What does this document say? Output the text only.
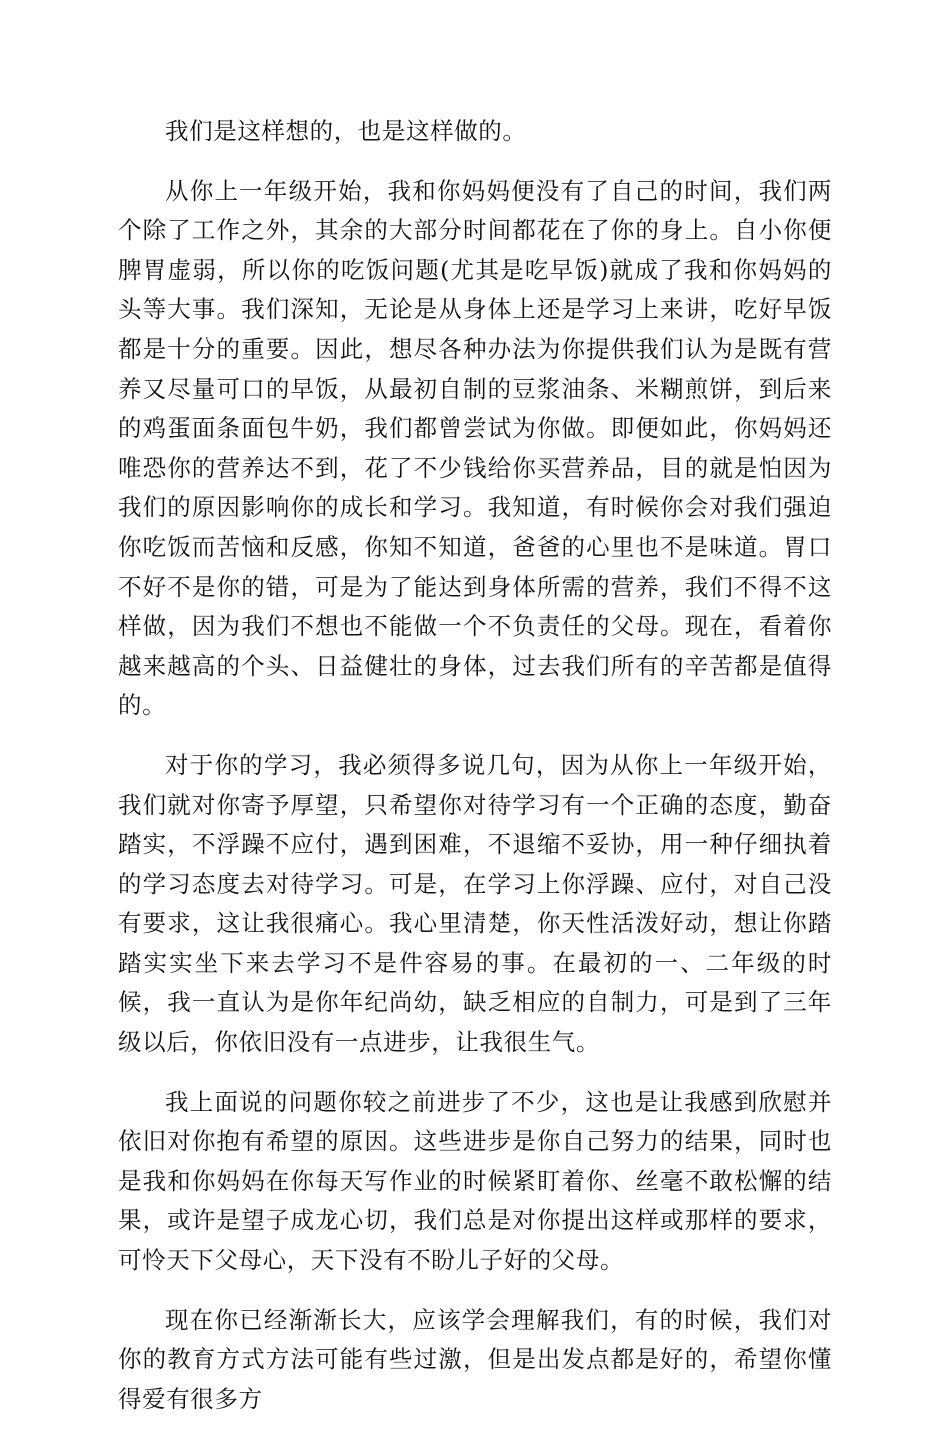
我们是这样想的，也是这样做的。

从你上一年级开始，我和你妈妈便没有了自己的时间，我们两个除了工作之外，其余的大部分时间都花在了你的身上。自小你便脾胃虚弱，所以你的吃饭问题(尤其是吃早饭)就成了我和你妈妈的头等大事。我们深知，无论是从身体上还是学习上来讲，吃好早饭都是十分的重要。因此，想尽各种办法为你提供我们认为是既有营养又尽量可口的早饭，从最初自制的豆浆油条、米糊煎饼，到后来的鸡蛋面条面包牛奶，我们都曾尝试为你做。即便如此，你妈妈还唯恐你的营养达不到，花了不少钱给你买营养品，目的就是怕因为我们的原因影响你的成长和学习。我知道，有时候你会对我们强迫你吃饭而苦恼和反感，你知不知道，爸爸的心里也不是味道。胃口不好不是你的错，可是为了能达到身体所需的营养，我们不得不这样做，因为我们不想也不能做一个不负责任的父母。现在，看着你越来越高的个头、日益健壮的身体，过去我们所有的辛苦都是值得的。

对于你的学习，我必须得多说几句，因为从你上一年级开始，我们就对你寄予厚望，只希望你对待学习有一个正确的态度，勤奋踏实，不浮躁不应付，遇到困难，不退缩不妥协，用一种仔细执着的学习态度去对待学习。可是，在学习上你浮躁、应付，对自己没有要求，这让我很痛心。我心里清楚，你天性活泼好动，想让你踏踏实实坐下来去学习不是件容易的事。在最初的一、二年级的时候，我一直认为是你年纪尚幼，缺乏相应的自制力，可是到了三年级以后，你依旧没有一点进步，让我很生气。

我上面说的问题你较之前进步了不少，这也是让我感到欣慰并依旧对你抱有希望的原因。这些进步是你自己努力的结果，同时也是我和你妈妈在你每天写作业的时候紧盯着你、丝毫不敢松懈的结果，或许是望子成龙心切，我们总是对你提出这样或那样的要求，可怜天下父母心，天下没有不盼儿子好的父母。

现在你已经渐渐长大，应该学会理解我们，有的时候，我们对你的教育方式方法可能有些过激，但是出发点都是好的，希望你懂得爱有很多方
